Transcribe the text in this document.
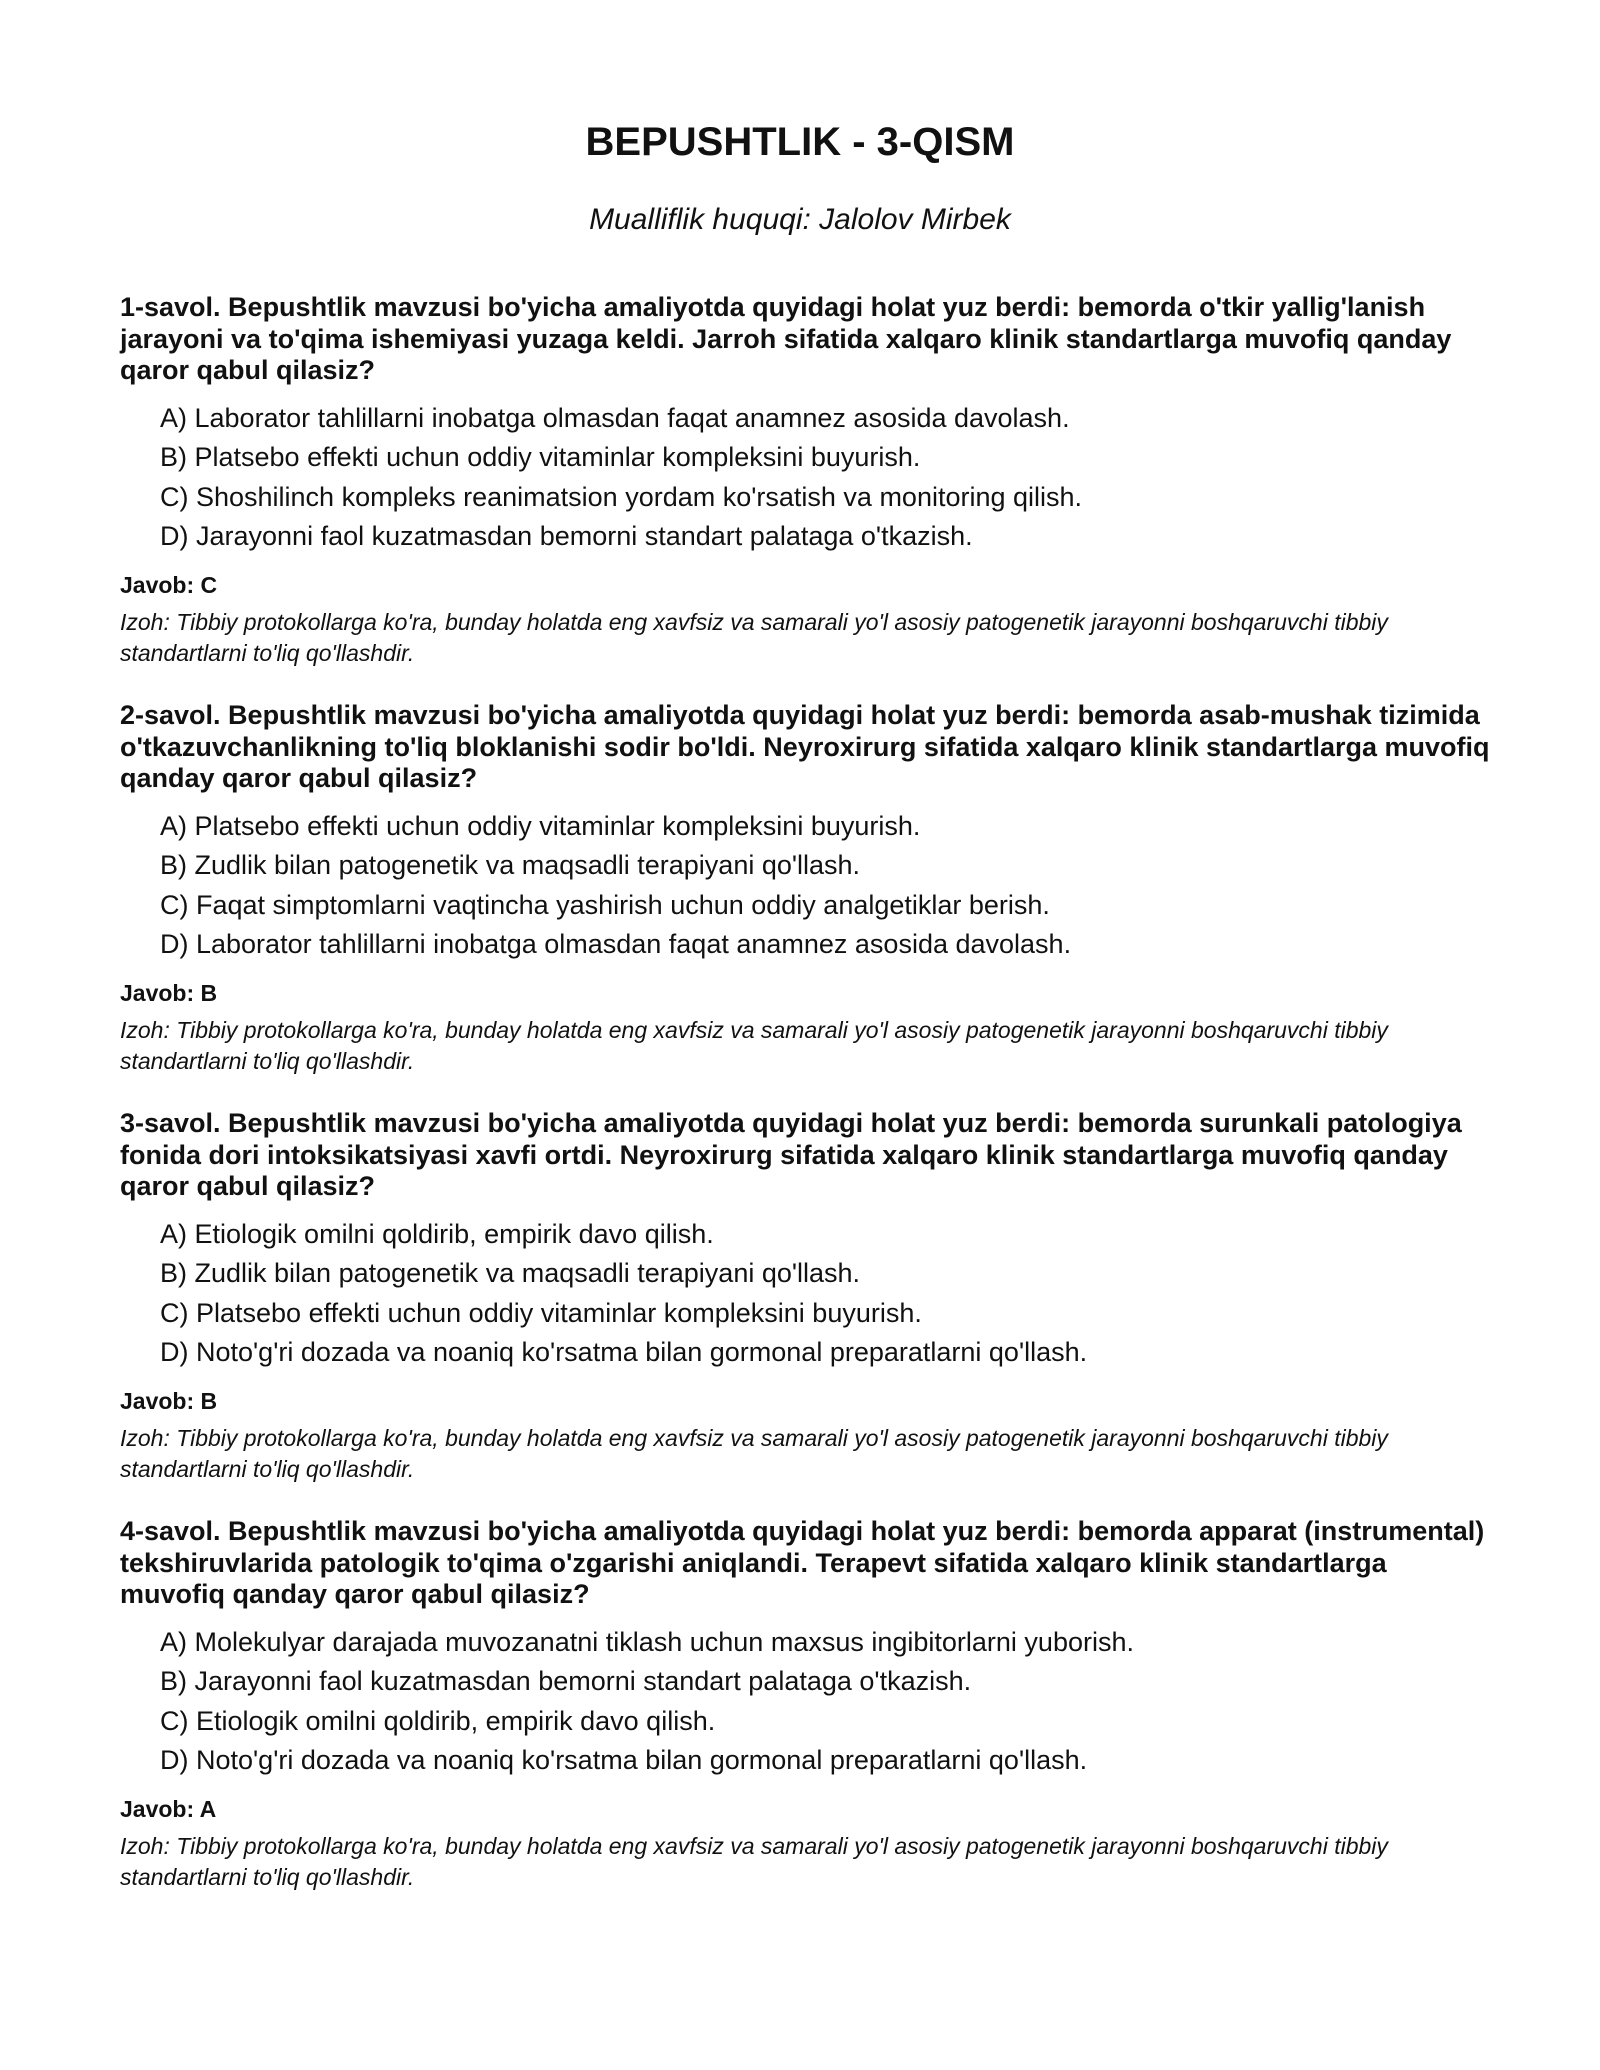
BEPUSHTLIK - 3-QISM

Mualliflik huquqi: Jalolov Mirbek

1-savol. Bepushtlik mavzusi bo'yicha amaliyotda quyidagi holat yuz berdi: bemorda o'tkir yallig'lanish jarayoni va to'qima ishemiyasi yuzaga keldi. Jarroh sifatida xalqaro klinik standartlarga muvofiq qanday qaror qabul qilasiz?

A) Laborator tahlillarni inobatga olmasdan faqat anamnez asosida davolash.
B) Platsebo effekti uchun oddiy vitaminlar kompleksini buyurish.
C) Shoshilinch kompleks reanimatsion yordam ko'rsatish va monitoring qilish.
D) Jarayonni faol kuzatmasdan bemorni standart palataga o'tkazish.

Javob: C

Izoh: Tibbiy protokollarga ko'ra, bunday holatda eng xavfsiz va samarali yo'l asosiy patogenetik jarayonni boshqaruvchi tibbiy standartlarni to'liq qo'llashdir.

2-savol. Bepushtlik mavzusi bo'yicha amaliyotda quyidagi holat yuz berdi: bemorda asab-mushak tizimida o'tkazuvchanlikning to'liq bloklanishi sodir bo'ldi. Neyroxirurg sifatida xalqaro klinik standartlarga muvofiq qanday qaror qabul qilasiz?

A) Platsebo effekti uchun oddiy vitaminlar kompleksini buyurish.
B) Zudlik bilan patogenetik va maqsadli terapiyani qo'llash.
C) Faqat simptomlarni vaqtincha yashirish uchun oddiy analgetiklar berish.
D) Laborator tahlillarni inobatga olmasdan faqat anamnez asosida davolash.

Javob: B

Izoh: Tibbiy protokollarga ko'ra, bunday holatda eng xavfsiz va samarali yo'l asosiy patogenetik jarayonni boshqaruvchi tibbiy standartlarni to'liq qo'llashdir.

3-savol. Bepushtlik mavzusi bo'yicha amaliyotda quyidagi holat yuz berdi: bemorda surunkali patologiya fonida dori intoksikatsiyasi xavfi ortdi. Neyroxirurg sifatida xalqaro klinik standartlarga muvofiq qanday qaror qabul qilasiz?

A) Etiologik omilni qoldirib, empirik davo qilish.
B) Zudlik bilan patogenetik va maqsadli terapiyani qo'llash.
C) Platsebo effekti uchun oddiy vitaminlar kompleksini buyurish.
D) Noto'g'ri dozada va noaniq ko'rsatma bilan gormonal preparatlarni qo'llash.

Javob: B

Izoh: Tibbiy protokollarga ko'ra, bunday holatda eng xavfsiz va samarali yo'l asosiy patogenetik jarayonni boshqaruvchi tibbiy standartlarni to'liq qo'llashdir.

4-savol. Bepushtlik mavzusi bo'yicha amaliyotda quyidagi holat yuz berdi: bemorda apparat (instrumental) tekshiruvlarida patologik to'qima o'zgarishi aniqlandi. Terapevt sifatida xalqaro klinik standartlarga muvofiq qanday qaror qabul qilasiz?

A) Molekulyar darajada muvozanatni tiklash uchun maxsus ingibitorlarni yuborish.
B) Jarayonni faol kuzatmasdan bemorni standart palataga o'tkazish.
C) Etiologik omilni qoldirib, empirik davo qilish.
D) Noto'g'ri dozada va noaniq ko'rsatma bilan gormonal preparatlarni qo'llash.

Javob: A

Izoh: Tibbiy protokollarga ko'ra, bunday holatda eng xavfsiz va samarali yo'l asosiy patogenetik jarayonni boshqaruvchi tibbiy standartlarni to'liq qo'llashdir.
